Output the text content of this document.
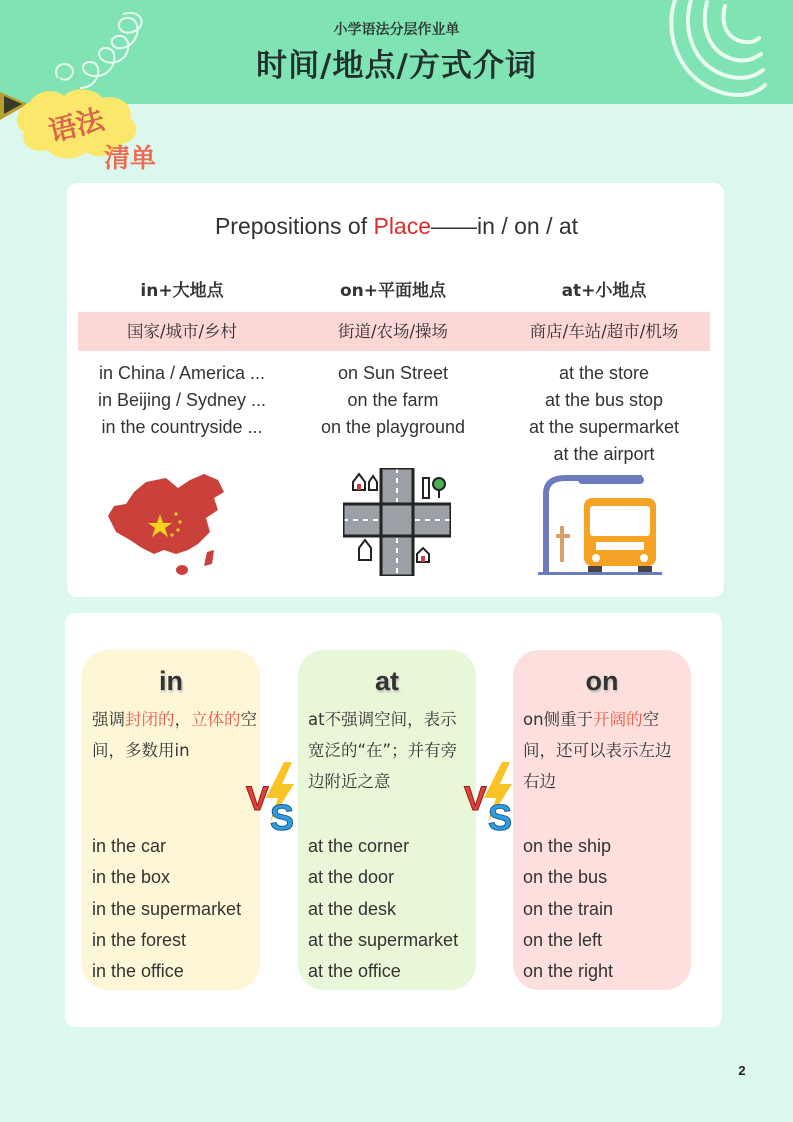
小学语法分层作业单
时间/地点/方式介词
语法
清单
Prepositions of Place——in / on / at
in+大地点	on+平面地点	at+小地点
国家/城市/乡村	街道/农场/操场	商店/车站/超市/机场
in China / America ...
in Beijing / Sydney ...
in the countryside ...
on Sun Street
on the farm
on the playground
at the store
at the bus stop
at the supermarket
at the airport
in	at	on
强调封闭的，立体的空间，多数用in
at不强调空间，表示宽泛的“在”；并有旁边附近之意
on侧重于开阔的空间，还可以表示左边右边
in the car
in the box
in the supermarket
in the forest
in the office
at the corner
at the door
at the desk
at the supermarket
at the office
on the ship
on the bus
on the train
on the left
on the right
V S	V S
2
